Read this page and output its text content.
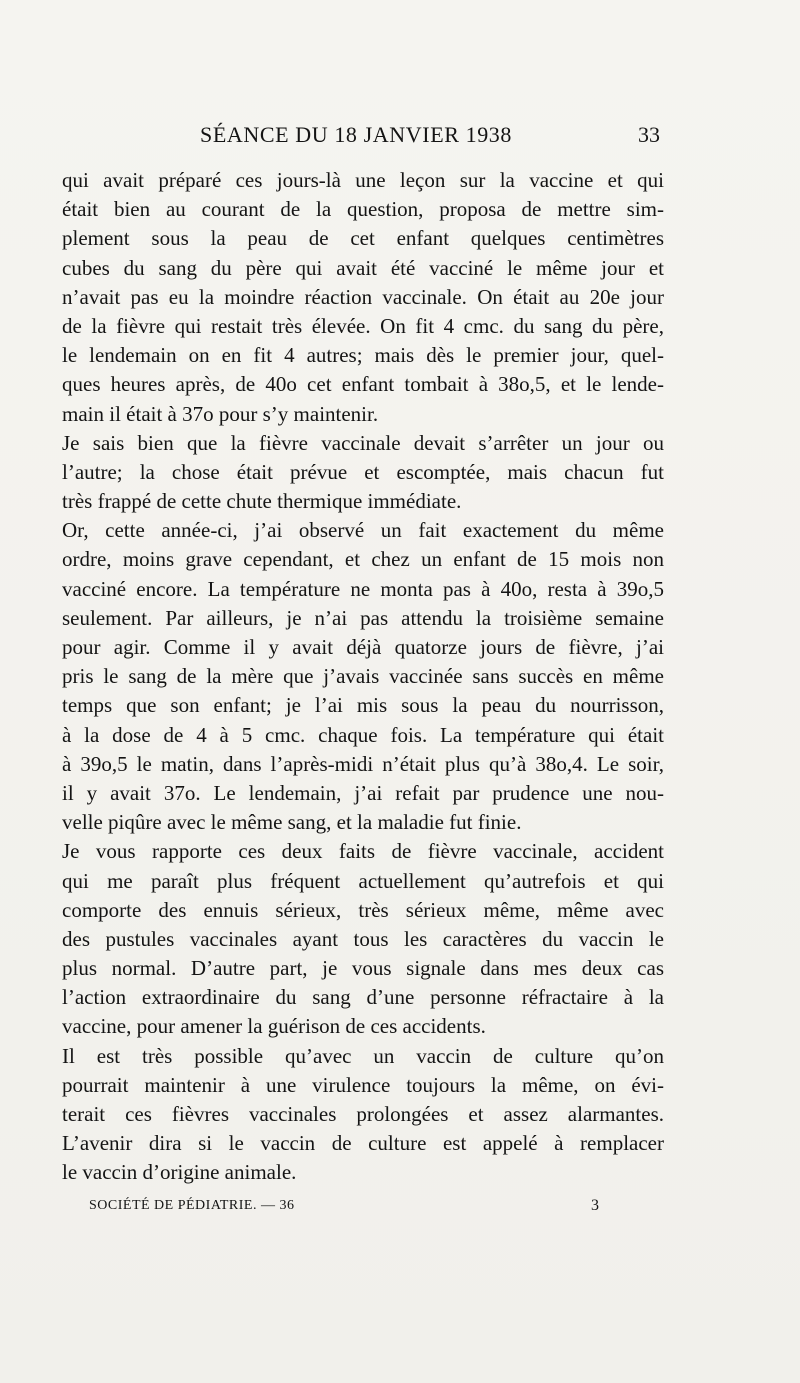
SÉANCE DU 18 JANVIER 1938	33
qui avait préparé ces jours-là une leçon sur la vaccine et qui
était bien au courant de la question, proposa de mettre sim-
plement sous la peau de cet enfant quelques centimètres
cubes du sang du père qui avait été vacciné le même jour et
n’avait pas eu la moindre réaction vaccinale. On était au 20e jour
de la fièvre qui restait très élevée. On fit 4 cmc. du sang du père,
le lendemain on en fit 4 autres; mais dès le premier jour, quel-
ques heures après, de 40o cet enfant tombait à 38o,5, et le lende-
main il était à 37o pour s’y maintenir.
Je sais bien que la fièvre vaccinale devait s’arrêter un jour ou
l’autre; la chose était prévue et escomptée, mais chacun fut
très frappé de cette chute thermique immédiate.
Or, cette année-ci, j’ai observé un fait exactement du même
ordre, moins grave cependant, et chez un enfant de 15 mois non
vacciné encore. La température ne monta pas à 40o, resta à 39o,5
seulement. Par ailleurs, je n’ai pas attendu la troisième semaine
pour agir. Comme il y avait déjà quatorze jours de fièvre, j’ai
pris le sang de la mère que j’avais vaccinée sans succès en même
temps que son enfant; je l’ai mis sous la peau du nourrisson,
à la dose de 4 à 5 cmc. chaque fois. La température qui était
à 39o,5 le matin, dans l’après-midi n’était plus qu’à 38o,4. Le soir,
il y avait 37o. Le lendemain, j’ai refait par prudence une nou-
velle piqûre avec le même sang, et la maladie fut finie.
Je vous rapporte ces deux faits de fièvre vaccinale, accident
qui me paraît plus fréquent actuellement qu’autrefois et qui
comporte des ennuis sérieux, très sérieux même, même avec
des pustules vaccinales ayant tous les caractères du vaccin le
plus normal. D’autre part, je vous signale dans mes deux cas
l’action extraordinaire du sang d’une personne réfractaire à la
vaccine, pour amener la guérison de ces accidents.
Il est très possible qu’avec un vaccin de culture qu’on
pourrait maintenir à une virulence toujours la même, on évi-
terait ces fièvres vaccinales prolongées et assez alarmantes.
L’avenir dira si le vaccin de culture est appelé à remplacer
le vaccin d’origine animale.
SOCIÉTÉ DE PÉDIATRIE. — 36	3
